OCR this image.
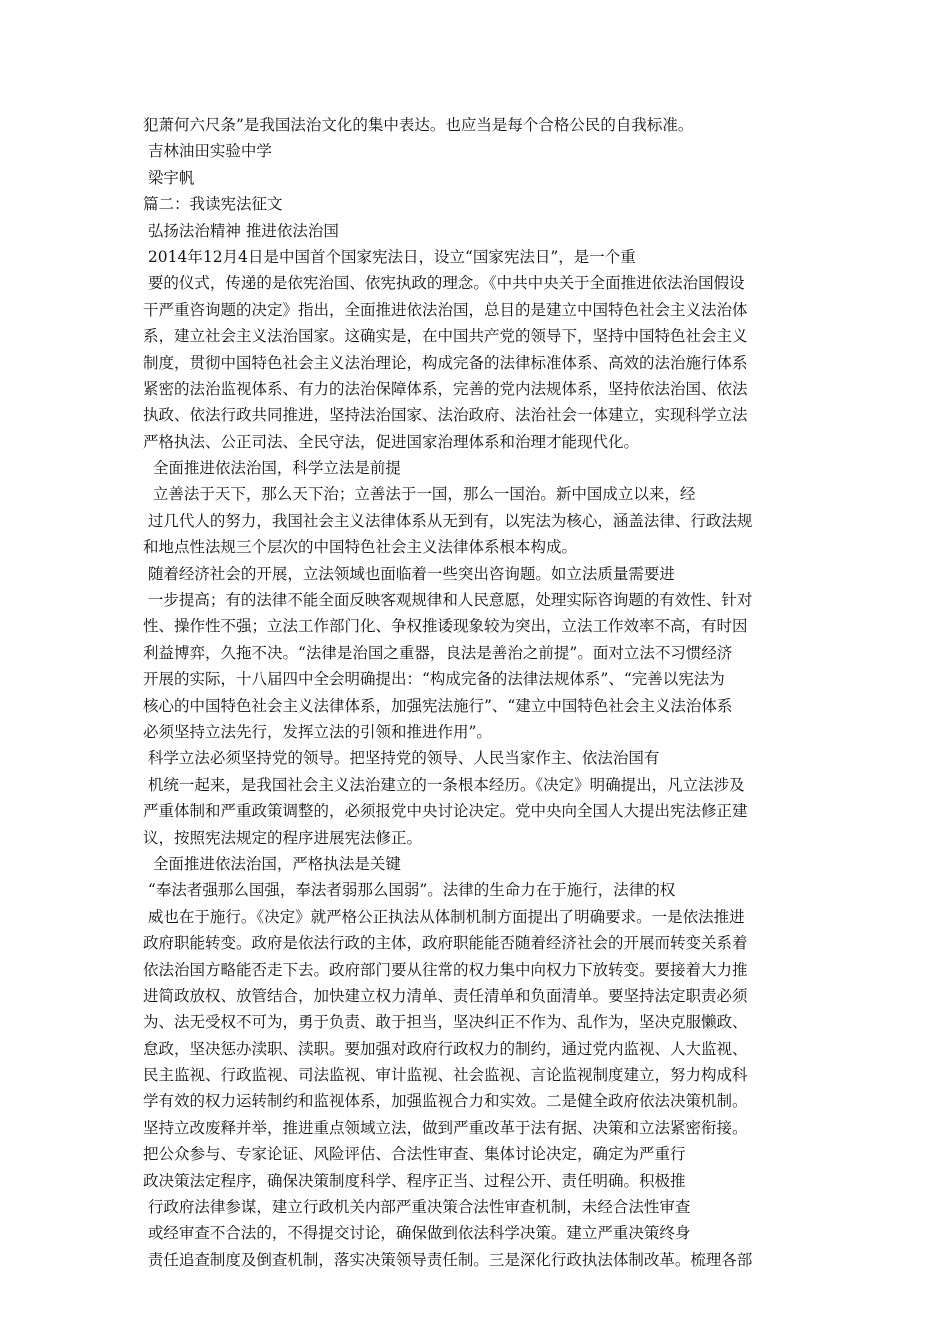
犯萧何六尺条”是我国法治文化的集中表达。也应当是每个合格公民的自我标准。
吉林油田实验中学
梁宇帆
篇二：我读宪法征文
弘扬法治精神 推进依法治国
2014年12月4日是中国首个国家宪法日，设立“国家宪法日”，是一个重
要的仪式，传递的是依宪治国、依宪执政的理念。《中共中央关于全面推进依法治国假设
干严重咨询题的决定》指出，全面推进依法治国，总目的是建立中国特色社会主义法治体
系，建立社会主义法治国家。这确实是，在中国共产党的领导下，坚持中国特色社会主义
制度，贯彻中国特色社会主义法治理论，构成完备的法律标准体系、高效的法治施行体系
紧密的法治监视体系、有力的法治保障体系，完善的党内法规体系，坚持依法治国、依法
执政、依法行政共同推进，坚持法治国家、法治政府、法治社会一体建立，实现科学立法
严格执法、公正司法、全民守法，促进国家治理体系和治理才能现代化。
全面推进依法治国，科学立法是前提
立善法于天下，那么天下治；立善法于一国，那么一国治。新中国成立以来，经
过几代人的努力，我国社会主义法律体系从无到有，以宪法为核心，涵盖法律、行政法规
和地点性法规三个层次的中国特色社会主义法律体系根本构成。
随着经济社会的开展，立法领域也面临着一些突出咨询题。如立法质量需要进
一步提高；有的法律不能全面反映客观规律和人民意愿，处理实际咨询题的有效性、针对
性、操作性不强；立法工作部门化、争权推诿现象较为突出，立法工作效率不高，有时因
利益博弈，久拖不决。“法律是治国之重器，良法是善治之前提”。面对立法不习惯经济
开展的实际，十八届四中全会明确提出：“构成完备的法律法规体系”、“完善以宪法为
核心的中国特色社会主义法律体系，加强宪法施行”、“建立中国特色社会主义法治体系
必须坚持立法先行，发挥立法的引领和推进作用”。
科学立法必须坚持党的领导。把坚持党的领导、人民当家作主、依法治国有
机统一起来，是我国社会主义法治建立的一条根本经历。《决定》明确提出，凡立法涉及
严重体制和严重政策调整的，必须报党中央讨论决定。党中央向全国人大提出宪法修正建
议，按照宪法规定的程序进展宪法修正。
全面推进依法治国，严格执法是关键
“奉法者强那么国强，奉法者弱那么国弱”。法律的生命力在于施行，法律的权
威也在于施行。《决定》就严格公正执法从体制机制方面提出了明确要求。一是依法推进
政府职能转变。政府是依法行政的主体，政府职能能否随着经济社会的开展而转变关系着
依法治国方略能否走下去。政府部门要从往常的权力集中向权力下放转变。要接着大力推
进简政放权、放管结合，加快建立权力清单、责任清单和负面清单。要坚持法定职责必须
为、法无受权不可为，勇于负责、敢于担当，坚决纠正不作为、乱作为，坚决克服懒政、
怠政，坚决惩办渎职、渎职。要加强对政府行政权力的制约，通过党内监视、人大监视、
民主监视、行政监视、司法监视、审计监视、社会监视、言论监视制度建立，努力构成科
学有效的权力运转制约和监视体系，加强监视合力和实效。二是健全政府依法决策机制。
坚持立改废释并举，推进重点领域立法，做到严重改革于法有据、决策和立法紧密衔接。
把公众参与、专家论证、风险评估、合法性审查、集体讨论决定，确定为严重行
政决策法定程序，确保决策制度科学、程序正当、过程公开、责任明确。积极推
行政府法律参谋，建立行政机关内部严重决策合法性审查机制，未经合法性审查
或经审查不合法的，不得提交讨论，确保做到依法科学决策。建立严重决策终身
责任追查制度及倒查机制，落实决策领导责任制。三是深化行政执法体制改革。梳理各部
